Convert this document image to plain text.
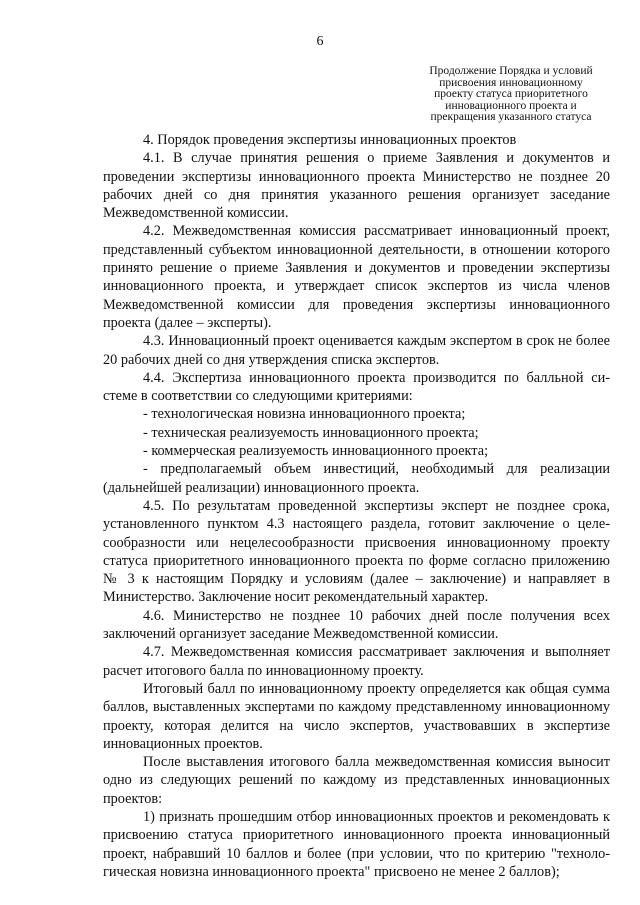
6
Продолжение Порядка и условий
присвоения инновационному
проекту статуса приоритетного
инновационного проекта и
прекращения указанного статуса

4. Порядок проведения экспертизы инновационных проектов

4.1. В случае принятия решения о приеме Заявления и документов и проведении экспертизы инновационного проекта Министерство не позднее 20 рабочих дней со дня принятия указанного решения организует заседание Межведомственной комиссии.

4.2. Межведомственная комиссия рассматривает инновационный проект, представленный субъектом инновационной деятельности, в отношении которого принято решение о приеме Заявления и документов и проведении экспертизы инновационного проекта, и утверждает список экспертов из числа членов Межведомственной комиссии для проведения экспертизы инновационного проекта (далее – эксперты).

4.3. Инновационный проект оценивается каждым экспертом в срок не более 20 рабочих дней со дня утверждения списка экспертов.

4.4. Экспертиза инновационного проекта производится по балльной системе в соответствии со следующими критериями:

- технологическая новизна инновационного проекта;

- техническая реализуемость инновационного проекта;

- коммерческая реализуемость инновационного проекта;

- предполагаемый объем инвестиций, необходимый для реализации (дальнейшей реализации) инновационного проекта.

4.5. По результатам проведенной экспертизы эксперт не позднее срока, установленного пунктом 4.3 настоящего раздела, готовит заключение о целесообразности или нецелесообразности присвоения инновационному проекту статуса приоритетного инновационного проекта по форме согласно приложению № 3 к настоящим Порядку и условиям (далее – заключение) и направляет в Министерство. Заключение носит рекомендательный характер.

4.6. Министерство не позднее 10 рабочих дней после получения всех заключений организует заседание Межведомственной комиссии.

4.7. Межведомственная комиссия рассматривает заключения и выполняет расчет итогового балла по инновационному проекту.

Итоговый балл по инновационному проекту определяется как общая сумма баллов, выставленных экспертами по каждому представленному инновационному проекту, которая делится на число экспертов, участвовавших в экспертизе инновационных проектов.

После выставления итогового балла межведомственная комиссия выносит одно из следующих решений по каждому из представленных инновационных проектов:

1) признать прошедшим отбор инновационных проектов и рекомендовать к присвоению статуса приоритетного инновационного проекта инновационный проект, набравший 10 баллов и более (при условии, что по критерию "технологическая новизна инновационного проекта" присвоено не менее 2 баллов);
